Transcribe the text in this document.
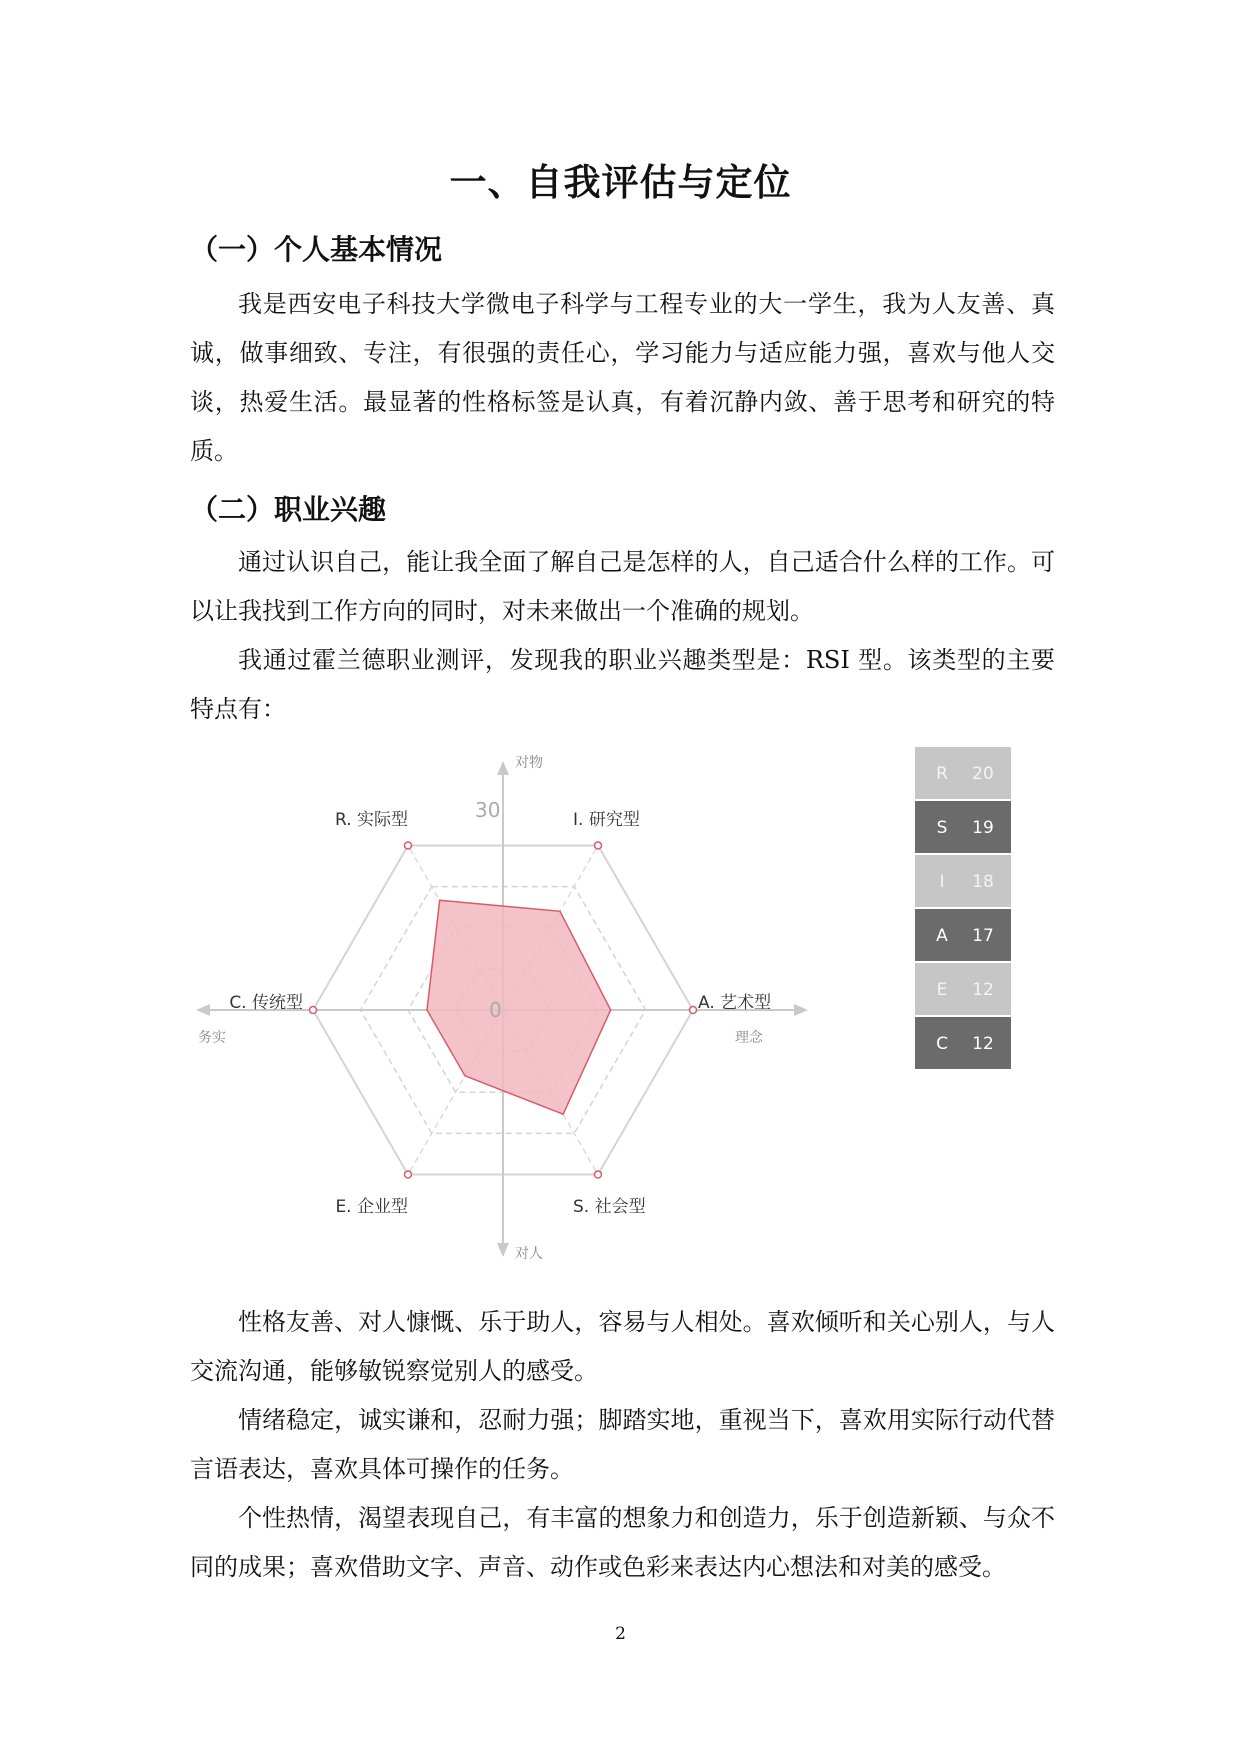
一、自我评估与定位
（一）个人基本情况

我是西安电子科技大学微电子科学与工程专业的大一学生，我为人友善、真诚，做事细致、专注，有很强的责任心，学习能力与适应能力强，喜欢与他人交谈，热爱生活。最显著的性格标签是认真，有着沉静内敛、善于思考和研究的特质。

（二）职业兴趣

通过认识自己，能让我全面了解自己是怎样的人，自己适合什么样的工作。可以让我找到工作方向的同时，对未来做出一个准确的规划。

我通过霍兰德职业测评，发现我的职业兴趣类型是：RSI 型。该类型的主要特点有：

R. 实际型	I. 研究型
A. 艺术型
S. 社会型
E. 企业型
C. 传统型
30
0
对物
对人
务实	理念
R 20
S 19
I 18
A 17
E 12
C 12

性格友善、对人慷慨、乐于助人，容易与人相处。喜欢倾听和关心别人，与人交流沟通，能够敏锐察觉别人的感受。

情绪稳定，诚实谦和，忍耐力强；脚踏实地，重视当下，喜欢用实际行动代替言语表达，喜欢具体可操作的任务。

个性热情，渴望表现自己，有丰富的想象力和创造力，乐于创造新颖、与众不同的成果；喜欢借助文字、声音、动作或色彩来表达内心想法和对美的感受。

2
